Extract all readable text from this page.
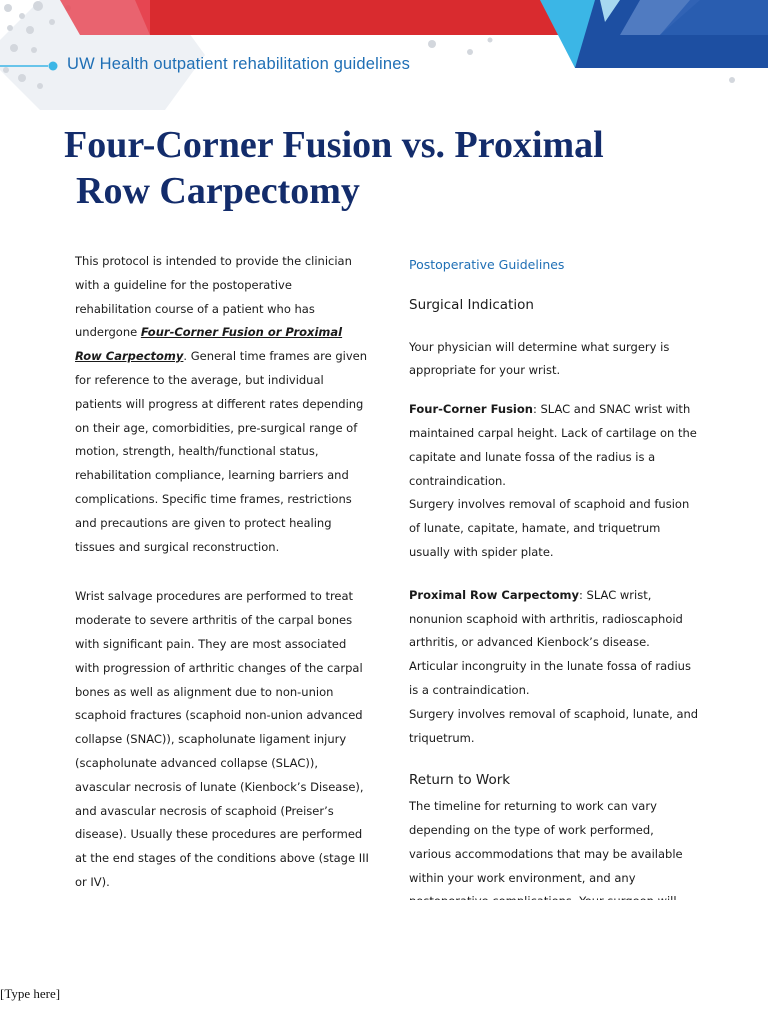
UW Health outpatient rehabilitation guidelines
Four-Corner Fusion vs. Proximal
Row Carpectomy

This protocol is intended to provide the clinician with a guideline for the postoperative rehabilitation course of a patient who has undergone Four-Corner Fusion or Proximal Row Carpectomy. General time frames are given for reference to the average, but individual patients will progress at different rates depending on their age, comorbidities, pre-surgical range of motion, strength, health/functional status, rehabilitation compliance, learning barriers and complications. Specific time frames, restrictions and precautions are given to protect healing tissues and surgical reconstruction.

Wrist salvage procedures are performed to treat moderate to severe arthritis of the carpal bones with significant pain. They are most associated with progression of arthritic changes of the carpal bones as well as alignment due to non-union scaphoid fractures (scaphoid non-union advanced collapse (SNAC)), scapholunate ligament injury (scapholunate advanced collapse (SLAC)), avascular necrosis of lunate (Kienbock’s Disease), and avascular necrosis of scaphoid (Preiser’s disease). Usually these procedures are performed at the end stages of the conditions above (stage III or IV).

Postoperative Guidelines

Surgical Indication

Your physician will determine what surgery is appropriate for your wrist.

Four-Corner Fusion: SLAC and SNAC wrist with maintained carpal height. Lack of cartilage on the capitate and lunate fossa of the radius is a contraindication.

Surgery involves removal of scaphoid and fusion of lunate, capitate, hamate, and triquetrum usually with spider plate.

Proximal Row Carpectomy: SLAC wrist, nonunion scaphoid with arthritis, radioscaphoid arthritis, or advanced Kienbock’s disease. Articular incongruity in the lunate fossa of radius is a contraindication.

Surgery involves removal of scaphoid, lunate, and triquetrum.

Return to Work

The timeline for returning to work can vary depending on the type of work performed, various accommodations that may be available within your work environment, and any

[Type here]
